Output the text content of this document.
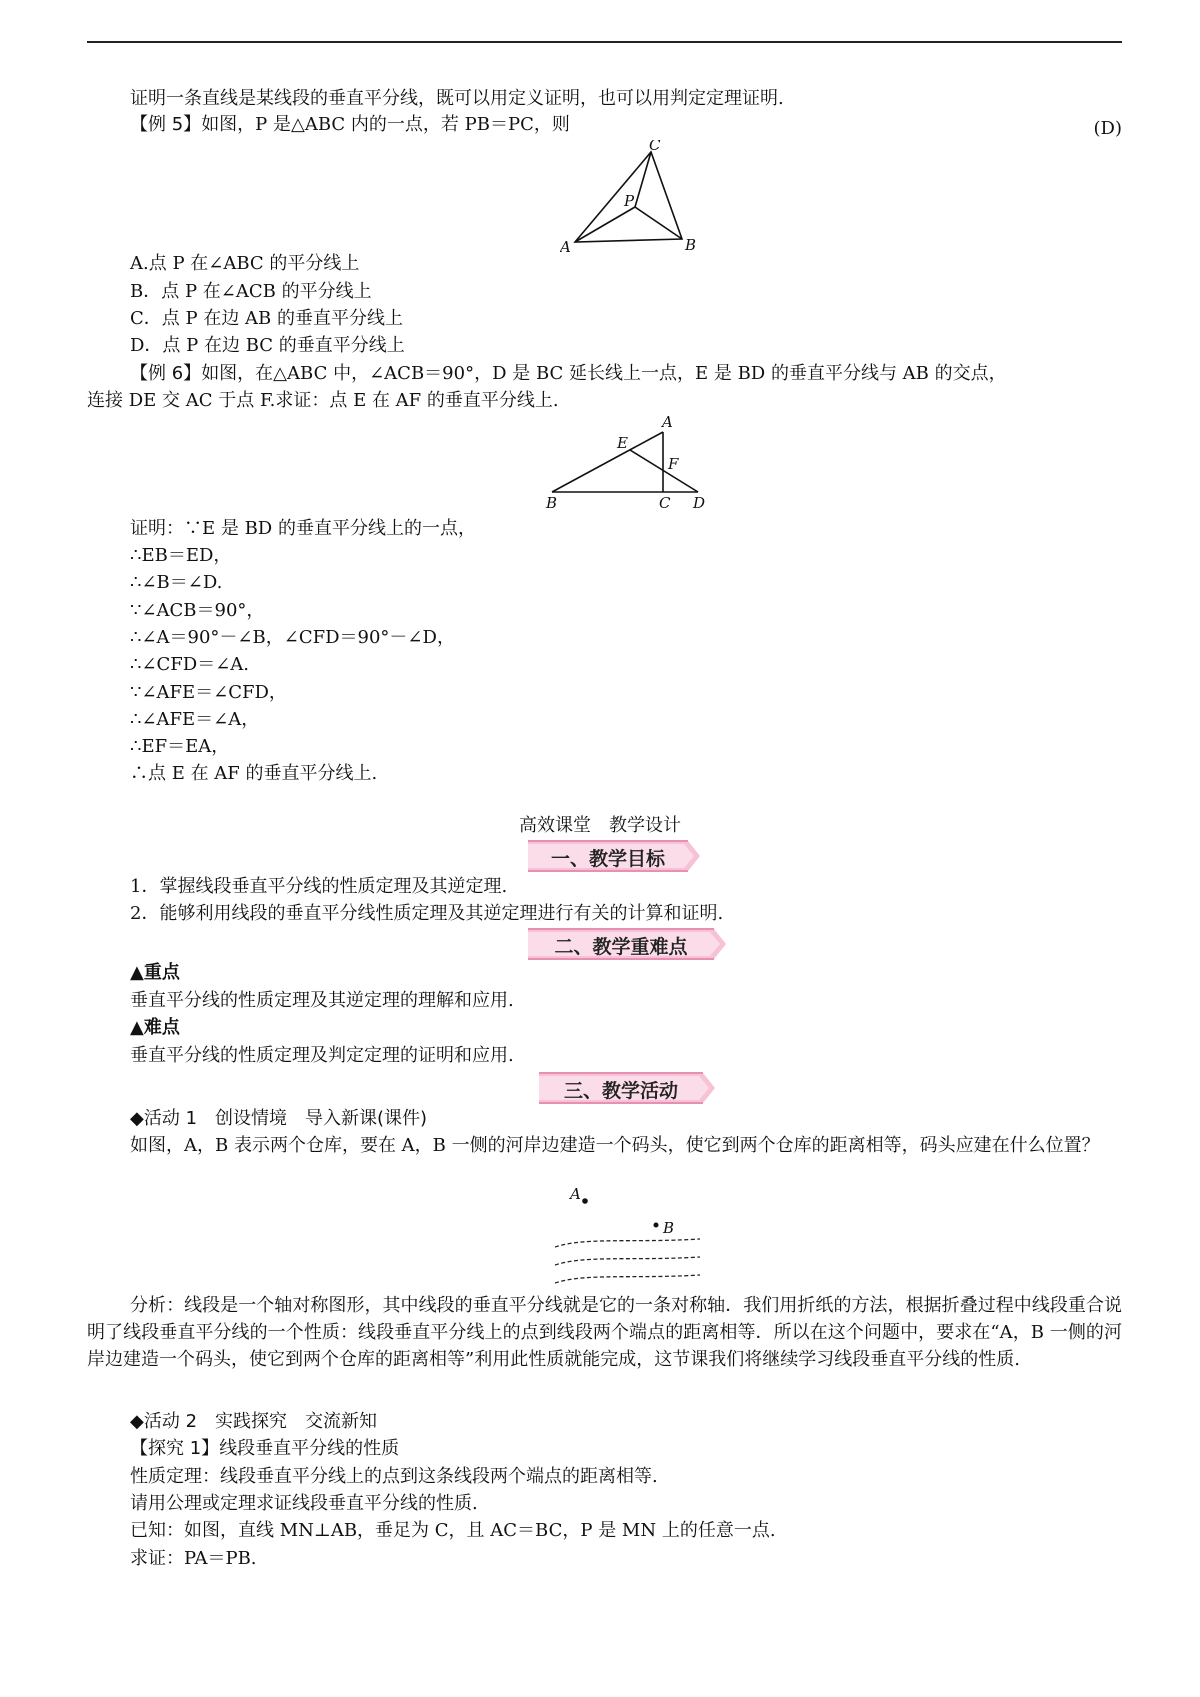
证明一条直线是某线段的垂直平分线，既可以用定义证明，也可以用判定定理证明.
【例 5】如图，P 是△ABC 内的一点，若 PB＝PC，则	(D)
C
P
A	B
A.点 P 在∠ABC 的平分线上
B．点 P 在∠ACB 的平分线上
C．点 P 在边 AB 的垂直平分线上
D．点 P 在边 BC 的垂直平分线上
【例 6】如图，在△ABC 中，∠ACB＝90°，D 是 BC 延长线上一点，E 是 BD 的垂直平分线与 AB 的交点，
连接 DE 交 AC 于点 F.求证：点 E 在 AF 的垂直平分线上.
A
E
F
B	C D
证明：∵E 是 BD 的垂直平分线上的一点，
∴EB＝ED，
∴∠B＝∠D.
∵∠ACB＝90°，
∴∠A＝90°－∠B，∠CFD＝90°－∠D，
∴∠CFD＝∠A.
∵∠AFE＝∠CFD，
∴∠AFE＝∠A，
∴EF＝EA，
∴点 E 在 AF 的垂直平分线上.
高效课堂　教学设计
一、教学目标
1．掌握线段垂直平分线的性质定理及其逆定理.
2．能够利用线段的垂直平分线性质定理及其逆定理进行有关的计算和证明.
二、教学重难点
▲重点
垂直平分线的性质定理及其逆定理的理解和应用.
▲难点
垂直平分线的性质定理及判定定理的证明和应用.
三、教学活动
◆活动 1　创设情境　导入新课(课件)
如图，A，B 表示两个仓库，要在 A，B 一侧的河岸边建造一个码头，使它到两个仓库的距离相等，码头应建在什么位置？
A
B
分析：线段是一个轴对称图形，其中线段的垂直平分线就是它的一条对称轴．我们用折纸的方法，根据折叠过程中线段重合说明了线段垂直平分线的一个性质：线段垂直平分线上的点到线段两个端点的距离相等．所以在这个问题中，要求在“A，B 一侧的河岸边建造一个码头，使它到两个仓库的距离相等”利用此性质就能完成，这节课我们将继续学习线段垂直平分线的性质.
◆活动 2　实践探究　交流新知
【探究 1】线段垂直平分线的性质
性质定理：线段垂直平分线上的点到这条线段两个端点的距离相等.
请用公理或定理求证线段垂直平分线的性质.
已知：如图，直线 MN⊥AB，垂足为 C，且 AC＝BC，P 是 MN 上的任意一点.
求证：PA＝PB.
